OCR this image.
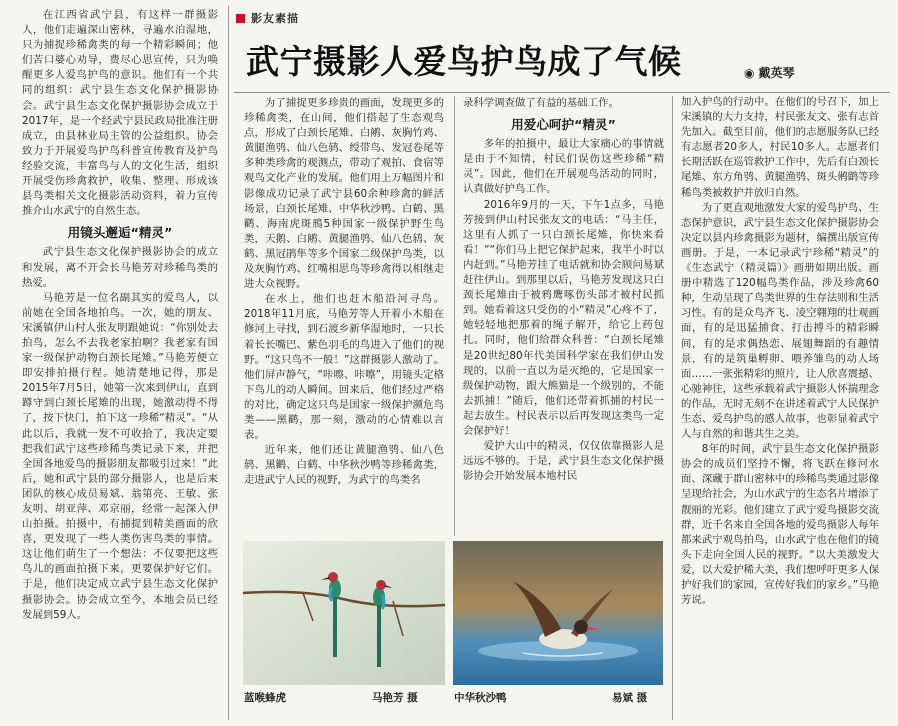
影友素描
武宁摄影人爱鸟护鸟成了气候	◉ 戴英琴

在江西省武宁县，有这样一群摄影人，他们走遍深山密林，寻遍水泊湿地，只为捕捉珍稀禽类的每一个精彩瞬间；他们苦口婆心劝导，费尽心思宣传，只为唤醒更多人爱鸟护鸟的意识。他们有一个共同的组织：武宁县生态文化保护摄影协会。武宁县生态文化保护摄影协会成立于2017年，是一个经武宁县民政局批准注册成立，由县林业局主管的公益组织。协会致力于开展爱鸟护鸟科普宣传教育及护鸟经验交流，丰富鸟与人的文化生活，组织开展受伤珍禽救护，收集、整理、形成该县鸟类相关文化摄影活动资料，着力宣传推介山水武宁的自然生态。

用镜头邂逅“精灵”

武宁县生态文化保护摄影协会的成立和发展，离不开会长马艳芳对珍稀鸟类的热爱。

马艳芳是一位名副其实的爱鸟人，以前她在全国各地拍鸟。一次，她的朋友、宋溪镇伊山村人张友明跟她说：“你别处去拍鸟，怎么不去我老家拍啊？我老家有国家一级保护动物白颈长尾雉。”马艳芳便立即安排拍摄行程。她清楚地记得，那是2015年7月5日，她第一次来到伊山，直到蹲守到白颈长尾雉的出现，她激动得不得了，按下快门，拍下这一珍稀“精灵”。“从此以后，我就一发不可收拾了，我决定要把我们武宁这些珍稀鸟类记录下来，并把全国各地爱鸟的摄影朋友都吸引过来！”此后，她和武宁县的部分摄影人，也是后来团队的核心成员易斌、翁第亮、王敏、张友明、胡亚萍、邓京丽，经常一起深入伊山拍摄。拍摄中，有捕捉到精美画面的欣喜，更发现了一些人类伤害鸟类的事情。这让他们萌生了一个想法：不仅要把这些鸟儿的画面拍摄下来，更要保护好它们。于是，他们决定成立武宁县生态文化保护摄影协会。协会成立至今，本地会员已经发展到59人。

为了捕捉更多珍贵的画面，发现更多的珍稀禽类，在山间，他们搭起了生态观鸟点，形成了白颈长尾雉、白鹇、灰胸竹鸡、黄腿渔鸮、仙八色鸫、绶带鸟、发冠卷尾等多种类珍禽的观测点，带动了观拍、食宿等观鸟文化产业的发展。他们用上万幅图片和影像成功记录了武宁县60余种珍禽的鲜活场景，白颈长尾雉、中华秋沙鸭、白鹤、黑鹳、海南虎斑鳽5种国家一级保护野生鸟类，天鹅、白鹇、黄腿渔鸮、仙八色鸫、灰鹤、黑冠鹃隼等多个国家二级保护鸟类，以及灰胸竹鸡、红嘴相思鸟等珍禽得以相继走进大众视野。

在水上，他们也赶木船沿河寻鸟。2018年11月底，马艳芳等人开着小木船在修河上寻找，到石渡乡新华湿地时，一只长着长长嘴巴、紫色羽毛的鸟进入了他们的视野。“这只鸟不一般！”这群摄影人激动了。他们屏声静气，“咔嚓、咔嚓”，用镜头定格下鸟儿的动人瞬间。回来后，他们经过严格的对比，确定这只鸟是国家一级保护濒危鸟类——黑鹳，那一刻，激动的心情难以言表。

近年来，他们还让黄腿渔鸮、仙八色鸫、黑鹳、白鹤、中华秋沙鸭等珍稀禽类，走进武宁人民的视野，为武宁的鸟类名

录科学调查做了有益的基础工作。

用爱心呵护“精灵”

多年的拍摄中，最让大家痛心的事情就是由于不知情，村民们误伤这些珍稀“精灵”。因此，他们在开展观鸟活动的同时，认真做好护鸟工作。

2016年9月的一天，下午1点多，马艳芳接到伊山村民张友文的电话：“马主任，这里有人抓了一只白颈长尾雉，你快来看看！”“你们马上把它保护起来，我半小时以内赶到。”马艳芳挂了电话就和协会顾问易斌赶往伊山。到那里以后，马艳芳发现这只白颈长尾雉由于被鸦鹰啄伤头部才被村民抓到。她看着这只受伤的小“精灵”心疼不了，她轻轻地把那着的绳子解开，给它上药包扎。同时，他们给群众科普：“白颈长尾雉是20世纪80年代美国科学家在我们伊山发现的，以前一直以为是灭绝的，它是国家一级保护动物，跟大熊猫是一个级别的，不能去抓捕！”随后，他们还带着抓捕的村民一起去放生。村民表示以后再发现这类鸟一定会保护好！

爱护大山中的精灵，仅仅依靠摄影人是远远不够的。于是，武宁县生态文化保护摄影协会开始发展本地村民

加入护鸟的行动中。在他们的号召下，加上宋溪镇的大力支持，村民张友文、张有志首先加入。截至目前，他们的志愿服务队已经有志愿者20多人，村民10多人。志愿者们长期活跃在巡管救护工作中，先后有白颈长尾雉、东方角鸮、黄腿渔鸮、斑头鸺鹠等珍稀鸟类被救护并放归自然。

为了更直观地激发大家的爱鸟护鸟、生态保护意识，武宁县生态文化保护摄影协会决定以县内珍禽摄影为题材，编撰出版宣传画册。于是，一本记录武宁珍稀“精灵”的《生态武宁（精灵篇）》画册如期出版。画册中精选了120幅鸟类作品，涉及珍禽60种，生动呈现了鸟类世界的生存法则和生活习性。有的是众鸟齐飞、凌空翱翔的壮观画面，有的是迅猛捕食、打击搏斗的精彩瞬间，有的是求偶热恋、展翅舞蹈的有趣情景，有的是筑巢孵卵、喂养雏鸟的动人场面……一张张精彩的照片，让人欣喜震撼、心驰神往，这些承载着武宁摄影人怀揣理念的作品，无时无刻不在讲述着武宁人民保护生态、爱鸟护鸟的感人故事，也彰显着武宁人与自然的和谐共生之美。

8年的时间，武宁县生态文化保护摄影协会的成员们坚持不懈，将飞跃在修河水面、深藏于群山密林中的珍稀鸟类通过影像呈现给社会，为山水武宁的生态名片增添了靓丽的光彩。他们建立了武宁爱鸟摄影交流群，近千名来自全国各地的爱鸟摄影人每年都来武宁观鸟拍鸟，山水武宁也在他们的镜头下走向全国人民的视野。“以大美激发大爱，以大爱护稀大美，我们想呼吁更多人保护好我们的家园，宣传好我们的家乡。”马艳芳说。

蓝喉蜂虎	马艳芳 摄	中华秋沙鸭	易斌 摄
